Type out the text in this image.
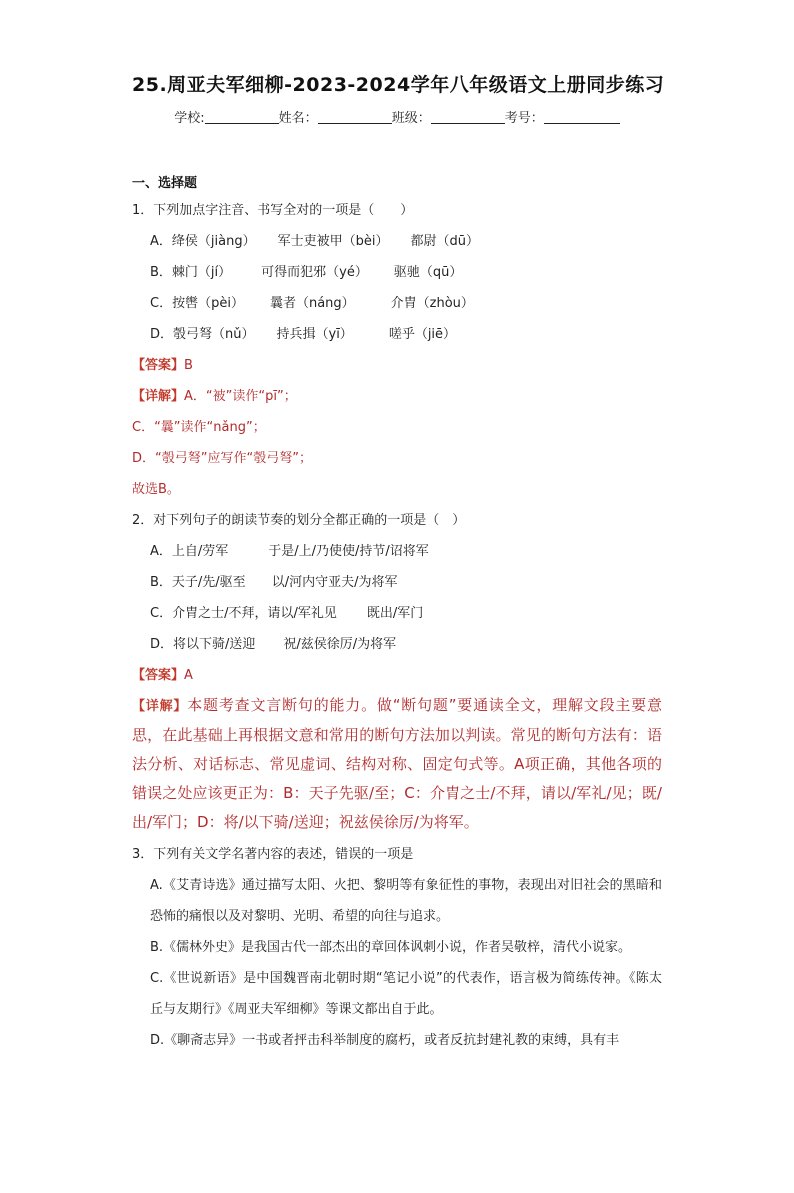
25.周亚夫军细柳-2023-2024学年八年级语文上册同步练习
学校:	姓名：	班级：	考号：
一、选择题
1．下列加点字注音、书写全对的一项是（　　）
A．绛侯（jiàng） 军士吏被甲（bèi） 都尉（dū）
B．棘门（jí） 可得而犯邪（yé） 驱驰（qū）
C．按辔（pèi） 曩者（náng）	介胄（zhòu）
D．彀弓弩（nǔ） 持兵揖（yī）	嗟乎（jiē）
【答案】B
【详解】A．“被”读作“pī”；
C．“曩”读作“nǎng”；
D．“彀弓弩”应写作“彀弓弩”；
故选B。
2．对下列句子的朗读节奏的划分全都正确的一项是（　）
A．上自/劳军	于是/上/乃使使/持节/诏将军
B．天子/先/驱至 以/河内守亚夫/为将军
C．介胄之士/不拜，请以/军礼见 既出/军门
D．将以下骑/送迎 祝/兹侯徐厉/为将军
【答案】A
【详解】本题考查文言断句的能力。做“断句题”要通读全文，理解文段主要意思，在此基础上再根据文意和常用的断句方法加以判读。常见的断句方法有：语法分析、对话标志、常见虚词、结构对称、固定句式等。A项正确，其他各项的错误之处应该更正为：B：天子先驱/至；C：介胄之士/不拜，请以/军礼/见；既/出/军门；D：将/以下骑/送迎；祝兹侯徐厉/为将军。
3．下列有关文学名著内容的表述，错误的一项是
A.《艾青诗选》通过描写太阳、火把、黎明等有象征性的事物，表现出对旧社会的黑暗和恐怖的痛恨以及对黎明、光明、希望的向往与追求。
B.《儒林外史》是我国古代一部杰出的章回体讽刺小说，作者吴敬梓，清代小说家。
C.《世说新语》是中国魏晋南北朝时期“笔记小说”的代表作，语言极为简练传神。《陈太丘与友期行》《周亚夫军细柳》等课文都出自于此。
D.《聊斋志异》一书或者抨击科举制度的腐朽，或者反抗封建礼教的束缚，具有丰
